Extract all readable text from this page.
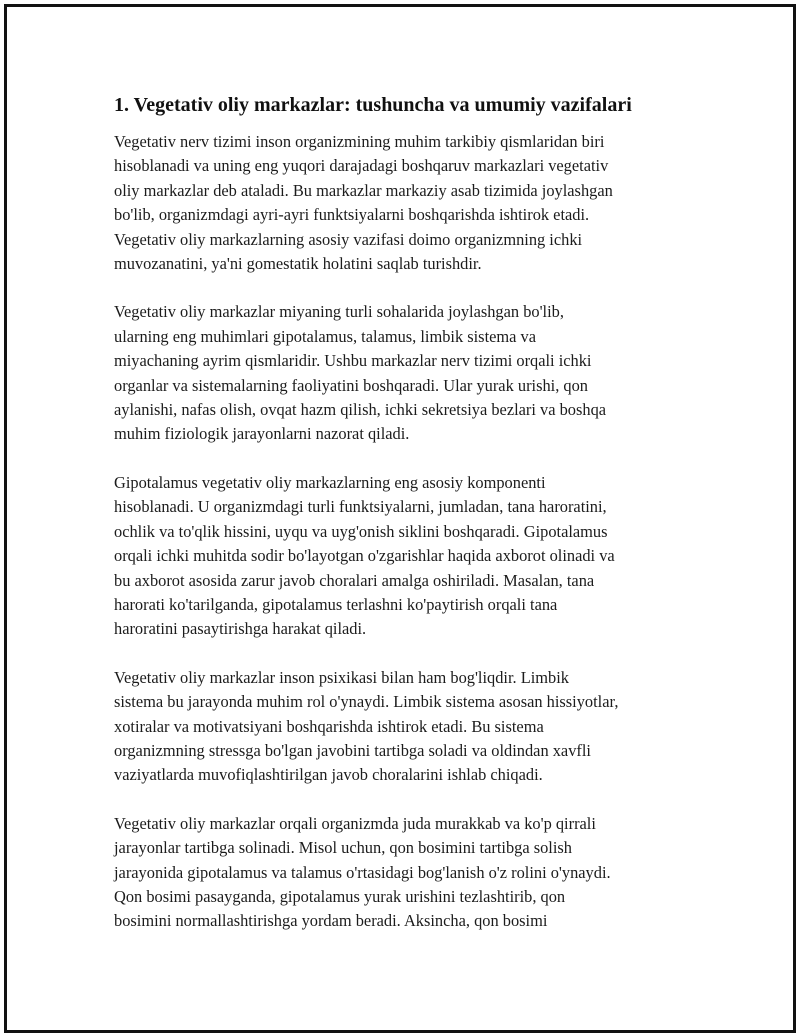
1. Vegetativ oliy markazlar: tushuncha va umumiy vazifalari

Vegetativ nerv tizimi inson organizmining muhim tarkibiy qismlaridan biri
hisoblanadi va uning eng yuqori darajadagi boshqaruv markazlari vegetativ
oliy markazlar deb ataladi. Bu markazlar markaziy asab tizimida joylashgan
bo'lib, organizmdagi ayri-ayri funktsiyalarni boshqarishda ishtirok etadi.
Vegetativ oliy markazlarning asosiy vazifasi doimo organizmning ichki
muvozanatini, ya'ni gomestatik holatini saqlab turishdir.

Vegetativ oliy markazlar miyaning turli sohalarida joylashgan bo'lib,
ularning eng muhimlari gipotalamus, talamus, limbik sistema va
miyachaning ayrim qismlaridir. Ushbu markazlar nerv tizimi orqali ichki
organlar va sistemalarning faoliyatini boshqaradi. Ular yurak urishi, qon
aylanishi, nafas olish, ovqat hazm qilish, ichki sekretsiya bezlari va boshqa
muhim fiziologik jarayonlarni nazorat qiladi.

Gipotalamus vegetativ oliy markazlarning eng asosiy komponenti
hisoblanadi. U organizmdagi turli funktsiyalarni, jumladan, tana haroratini,
ochlik va to'qlik hissini, uyqu va uyg'onish siklini boshqaradi. Gipotalamus
orqali ichki muhitda sodir bo'layotgan o'zgarishlar haqida axborot olinadi va
bu axborot asosida zarur javob choralari amalga oshiriladi. Masalan, tana
harorati ko'tarilganda, gipotalamus terlashni ko'paytirish orqali tana
haroratini pasaytirishga harakat qiladi.

Vegetativ oliy markazlar inson psixikasi bilan ham bog'liqdir. Limbik
sistema bu jarayonda muhim rol o'ynaydi. Limbik sistema asosan hissiyotlar,
xotiralar va motivatsiyani boshqarishda ishtirok etadi. Bu sistema
organizmning stressga bo'lgan javobini tartibga soladi va oldindan xavfli
vaziyatlarda muvofiqlashtirilgan javob choralarini ishlab chiqadi.

Vegetativ oliy markazlar orqali organizmda juda murakkab va ko'p qirrali
jarayonlar tartibga solinadi. Misol uchun, qon bosimini tartibga solish
jarayonida gipotalamus va talamus o'rtasidagi bog'lanish o'z rolini o'ynaydi.
Qon bosimi pasayganda, gipotalamus yurak urishini tezlashtirib, qon
bosimini normallashtirishga yordam beradi. Aksincha, qon bosimi
